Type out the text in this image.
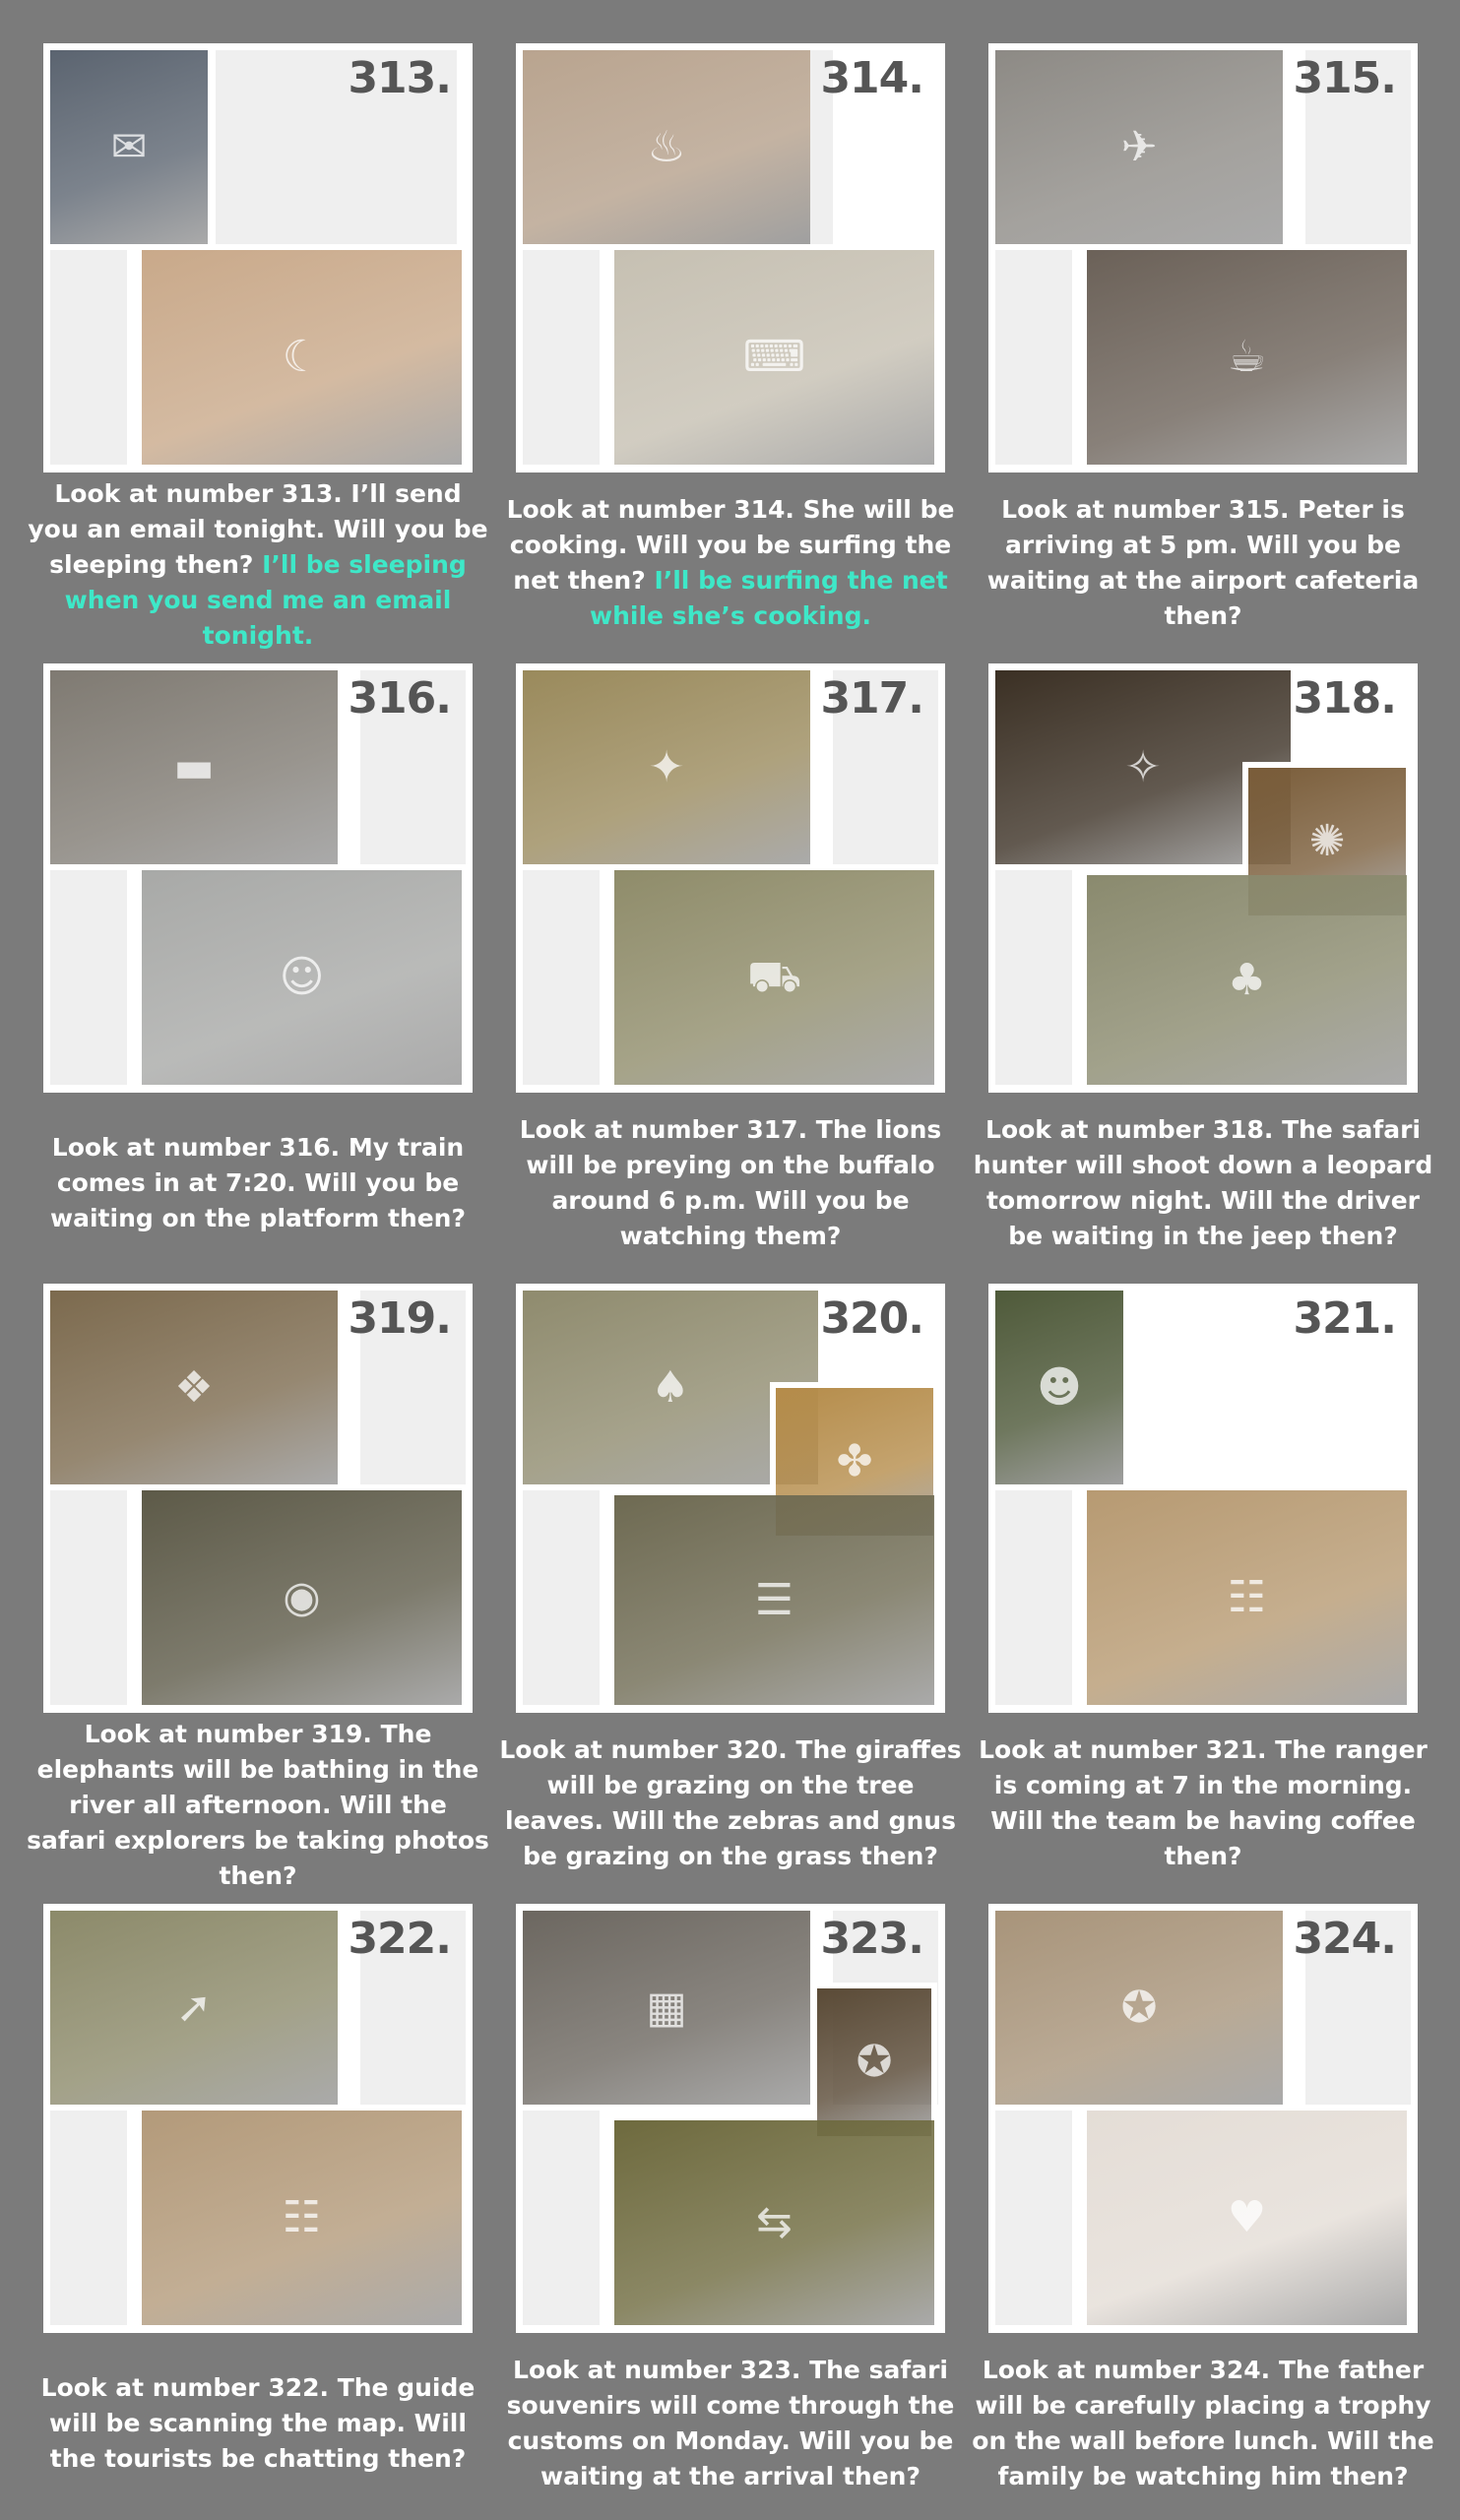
✉
☾
313.
Look at number 313. I’ll send you an email tonight. Will you be sleeping then? I’ll be sleeping when you send me an email tonight.
♨
⌨
314.
Look at number 314. She will be cooking. Will you be surfing the net then? I’ll be surfing the net while she’s cooking.
✈
☕
315.
Look at number 315. Peter is arriving at 5 pm. Will you be waiting at the airport cafeteria then?
▬
☺
316.
Look at number 316. My train comes in at 7:20. Will you be waiting on the platform then?
✦
⛟
317.
Look at number 317. The lions will be preying on the buffalo around 6 p.m. Will you be watching them?
✧
✺
♣
318.
Look at number 318. The safari hunter will shoot down a leopard tomorrow night. Will the driver be waiting in the jeep then?
❖
◉
319.
Look at number 319. The elephants will be bathing in the river all afternoon. Will the safari explorers be taking photos then?
♠
✤
☰
320.
Look at number 320. The giraffes will be grazing on the tree leaves. Will the zebras and gnus be grazing on the grass then?
☻
☷
321.
Look at number 321. The ranger is coming at 7 in the morning. Will the team be having coffee then?
➚
☷
322.
Look at number 322. The guide will be scanning the map. Will the tourists be chatting then?
▦
✪
⇆
323.
Look at number 323. The safari souvenirs will come through the customs on Monday. Will you be waiting at the arrival then?
✪
♥
324.
Look at number 324. The father will be carefully placing a trophy on the wall before lunch. Will the family be watching him then?
